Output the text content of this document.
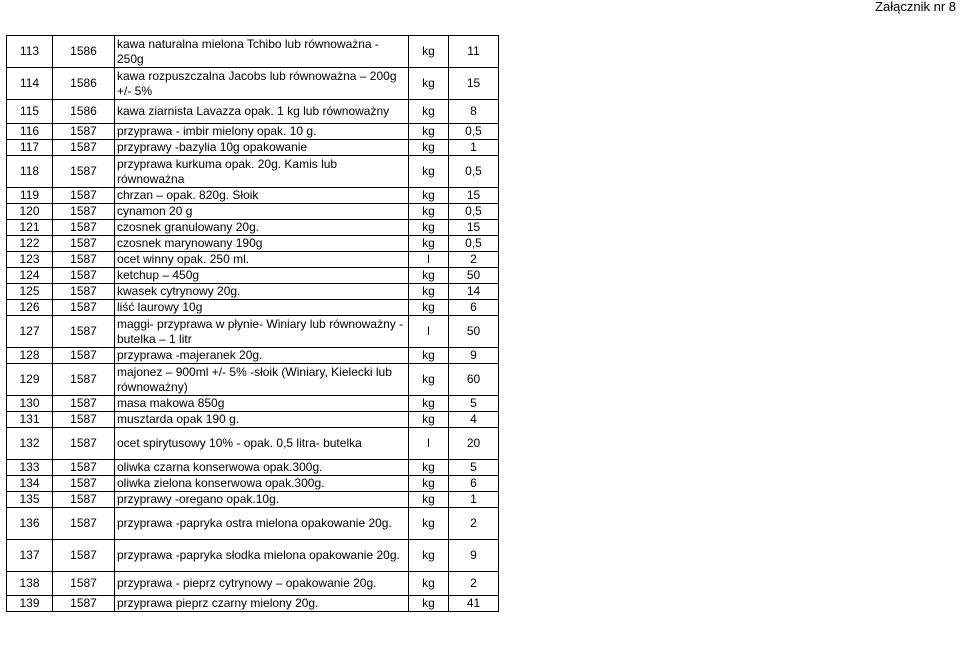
Załącznik nr 8
113	1586	kawa naturalna mielona Tchibo lub równoważna - 250g	kg	11
114	1586	kawa rozpuszczalna Jacobs lub równoważna – 200g +/- 5%	kg	15
115	1586	kawa ziarnista Lavazza opak. 1 kg lub równoważny	kg	8
116	1587	przyprawa - imbir mielony opak. 10 g.	kg	0,5
117	1587	przyprawy -bazylia 10g opakowanie	kg	1
118	1587	przyprawa kurkuma opak. 20g. Kamis lub równoważna	kg	0,5
119	1587	chrzan – opak. 820g. Słoik	kg	15
120	1587	cynamon 20 g	kg	0,5
121	1587	czosnek granulowany 20g.	kg	15
122	1587	czosnek marynowany 190g	kg	0,5
123	1587	ocet winny opak. 250 ml.	l	2
124	1587	ketchup – 450g	kg	50
125	1587	kwasek cytrynowy 20g.	kg	14
126	1587	liść laurowy 10g	kg	6
127	1587	maggi- przyprawa w płynie- Winiary lub równoważny - butelka – 1 litr	l	50
128	1587	przyprawa -majeranek 20g.	kg	9
129	1587	majonez – 900ml +/- 5% -słoik (Winiary, Kielecki lub równoważny)	kg	60
130	1587	masa makowa 850g	kg	5
131	1587	musztarda opak 190 g.	kg	4
132	1587	ocet spirytusowy 10% - opak. 0,5 litra- butelka	l	20
133	1587	oliwka czarna konserwowa opak.300g.	kg	5
134	1587	oliwka zielona konserwowa opak.300g.	kg	6
135	1587	przyprawy -oregano opak.10g.	kg	1
136	1587	przyprawa -papryka ostra mielona opakowanie 20g.	kg	2
137	1587	przyprawa -papryka słodka mielona opakowanie 20g.	kg	9
138	1587	przyprawa - pieprz cytrynowy – opakowanie 20g.	kg	2
139	1587	przyprawa pieprz czarny mielony 20g.	kg	41
